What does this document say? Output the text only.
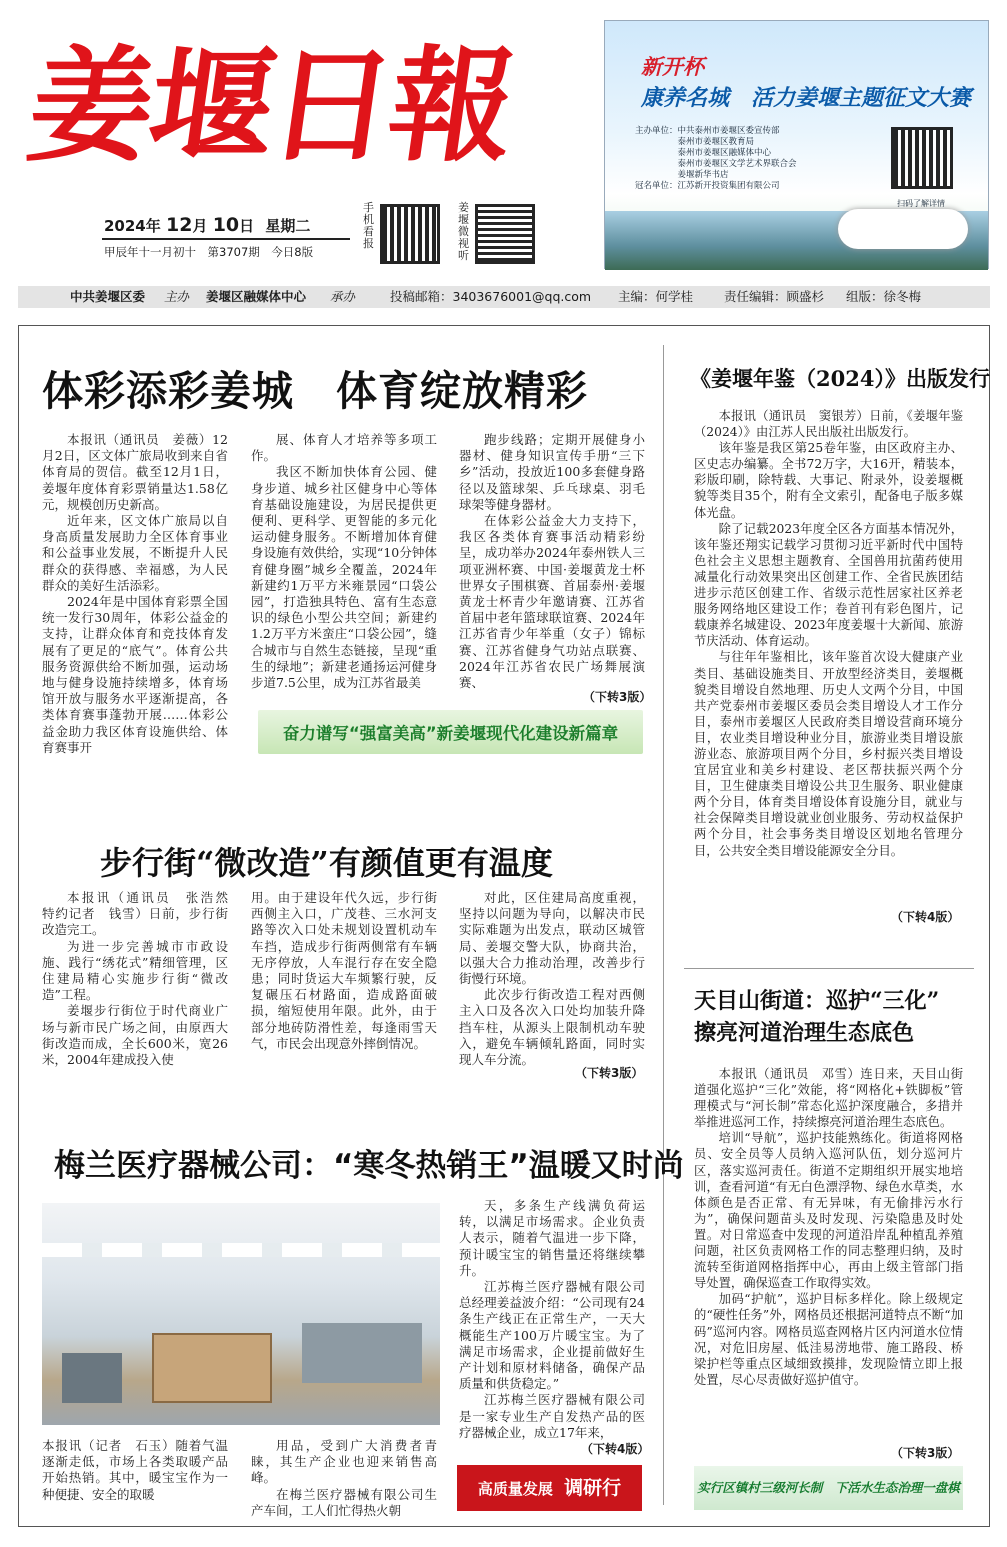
姜堰日報
2024年 12月 10日 星期二
甲辰年十一月初十　第3707期　今日8版
手机看报
姜堰微视听
新开杯
康养名城　活力姜堰主题征文大赛
主办单位：中共泰州市姜堰区委宣传部
　　　　　泰州市姜堰区教育局
　　　　　泰州市姜堰区融媒体中心
　　　　　泰州市姜堰区文学艺术界联合会
　　　　　姜堰新华书店
冠名单位：江苏新开投资集团有限公司
扫码了解详情
中共姜堰区委 主办 姜堰区融媒体中心 承办	投稿邮箱：3403676001@qq.com 主编：何学桂 责任编辑：顾盛杉 组版：徐冬梅
体彩添彩姜城　体育绽放精彩

本报讯（通讯员　姜薇）12月2日，区文体广旅局收到来自省体育局的贺信。截至12月1日，姜堰年度体育彩票销量达1.58亿元，规模创历史新高。

近年来，区文体广旅局以自身高质量发展助力全区体育事业和公益事业发展，不断提升人民群众的获得感、幸福感，为人民群众的美好生活添彩。

2024年是中国体育彩票全国统一发行30周年，体彩公益金的支持，让群众体育和竞技体育发展有了更足的“底气”。体育公共服务资源供给不断加强，运动场地与健身设施持续增多，体育场馆开放与服务水平逐渐提高，各类体育赛事蓬勃开展……体彩公益金助力我区体育设施供给、体育赛事开

展、体育人才培养等多项工作。

我区不断加快体育公园、健身步道、城乡社区健身中心等体育基础设施建设，为居民提供更便利、更科学、更智能的多元化运动健身服务。不断增加体育健身设施有效供给，实现“10分钟体育健身圈”城乡全覆盖，2024年新建约1万平方米雍景园“口袋公园”，打造独具特色、富有生态意识的绿色小型公共空间；新建约1.2万平方米蛮庄“口袋公园”，缝合城市与自然生态链接，呈现“重生的绿地”；新建老通扬运河健身步道7.5公里，成为江苏省最美

跑步线路；定期开展健身小器材、健身知识宣传手册“三下乡”活动，投放近100多套健身路径以及篮球架、乒乓球桌、羽毛球架等健身器材。

在体彩公益金大力支持下，我区各类体育赛事活动精彩纷呈，成功举办2024年泰州铁人三项亚洲杯赛、中国·姜堰黄龙士杯世界女子围棋赛、首届泰州·姜堰黄龙士杯青少年邀请赛、江苏省首届中老年篮球联谊赛、2024年江苏省青少年举重（女子）锦标赛、江苏省健身气功站点联赛、2024年江苏省农民广场舞展演赛、

（下转3版）
奋力谱写“强富美高”新姜堰现代化建设新篇章
步行街“微改造”有颜值更有温度

本报讯（通讯员　张浩然　特约记者　钱雪）日前，步行街改造完工。

为进一步完善城市市政设施、践行“绣花式”精细管理，区住建局精心实施步行街“微改造”工程。

姜堰步行街位于时代商业广场与新市民广场之间，由原西大街改造而成，全长600米，宽26米，2004年建成投入使

用。由于建设年代久远，步行街西侧主入口，广茂巷、三水河支路等次入口处未规划设置机动车车挡，造成步行街两侧常有车辆无序停放，人车混行存在安全隐患；同时货运大车频繁行驶，反复碾压石材路面，造成路面破损，缩短使用年限。此外，由于部分地砖防滑性差，每逢雨雪天气，市民会出现意外摔倒情况。

对此，区住建局高度重视，坚持以问题为导向，以解决市民实际难题为出发点，联动区城管局、姜堰交警大队，协商共治，以强大合力推动治理，改善步行街慢行环境。

此次步行街改造工程对西侧主入口及各次入口处均加装升降挡车柱，从源头上限制机动车驶入，避免车辆倾轧路面，同时实现人车分流。

（下转3版）
梅兰医疗器械公司：“寒冬热销王”温暖又时尚
本报讯（记者　石玉）随着气温逐渐走低，市场上各类取暖产品开始热销。其中，暖宝宝作为一种便捷、安全的取暖

用品，受到广大消费者青睐，其生产企业也迎来销售高峰。

在梅兰医疗器械有限公司生产车间，工人们忙得热火朝

天，多条生产线满负荷运转，以满足市场需求。企业负责人表示，随着气温进一步下降，预计暖宝宝的销售量还将继续攀升。

江苏梅兰医疗器械有限公司总经理姜益波介绍：“公司现有24条生产线正在正常生产，一天大概能生产100万片暖宝宝。为了满足市场需求，企业提前做好生产计划和原材料储备，确保产品质量和供货稳定。”

江苏梅兰医疗器械有限公司是一家专业生产自发热产品的医疗器械企业，成立17年来，

（下转4版）
高质量发展 调研行
《姜堰年鉴（2024）》出版发行

本报讯（通讯员　窦银芳）日前，《姜堰年鉴（2024）》由江苏人民出版社出版发行。

该年鉴是我区第25卷年鉴，由区政府主办、区史志办编纂。全书72万字，大16开，精装本，彩版印刷，除特载、大事记、附录外，设姜堰概貌等类目35个，附有全文索引，配备电子版多媒体光盘。

除了记载2023年度全区各方面基本情况外，该年鉴还翔实记载学习贯彻习近平新时代中国特色社会主义思想主题教育、全国兽用抗菌药使用减量化行动效果突出区创建工作、全省民族团结进步示范区创建工作、省级示范性居家社区养老服务网络地区建设工作；卷首刊有彩色图片，记载康养名城建设、2023年度姜堰十大新闻、旅游节庆活动、体育运动。

与往年年鉴相比，该年鉴首次设大健康产业类目、基础设施类目、开放型经济类目，姜堰概貌类目增设自然地理、历史人文两个分目，中国共产党泰州市姜堰区委员会类目增设人才工作分目，泰州市姜堰区人民政府类目增设营商环境分目，农业类目增设种业分目，旅游业类目增设旅游业态、旅游项目两个分目，乡村振兴类目增设宜居宜业和美乡村建设、老区帮扶振兴两个分目，卫生健康类目增设公共卫生服务、职业健康两个分目，体育类目增设体育设施分目，就业与社会保障类目增设就业创业服务、劳动权益保护两个分目，社会事务类目增设区划地名管理分目，公共安全类目增设能源安全分目。

（下转4版）
天目山街道：巡护“三化”
擦亮河道治理生态底色

本报讯（通讯员　邓雪）连日来，天目山街道强化巡护“三化”效能，将“网格化+铁脚板”管理模式与“河长制”常态化巡护深度融合，多措并举推进巡河工作，持续擦亮河道治理生态底色。

培训“导航”，巡护技能熟练化。街道将网格员、安全员等人员纳入巡河队伍，划分巡河片区，落实巡河责任。街道不定期组织开展实地培训，查看河道“有无白色漂浮物、绿色水草类，水体颜色是否正常、有无异味，有无偷排污水行为”，确保问题苗头及时发现、污染隐患及时处置。对日常巡查中发现的河道沿岸乱种植乱养殖问题，社区负责网格工作的同志整理归纳，及时流转至街道网格指挥中心，再由上级主管部门指导处置，确保巡查工作取得实效。

加码“护航”，巡护目标多样化。除上级规定的“硬性任务”外，网格员还根据河道特点不断“加码”巡河内容。网格员巡查网格片区内河道水位情况，对危旧房屋、低洼易涝地带、施工路段、桥梁护栏等重点区域细致摸排，发现险情立即上报处置，尽心尽责做好巡护值守。

（下转3版）
实行区镇村三级河长制　下活水生态治理一盘棋
